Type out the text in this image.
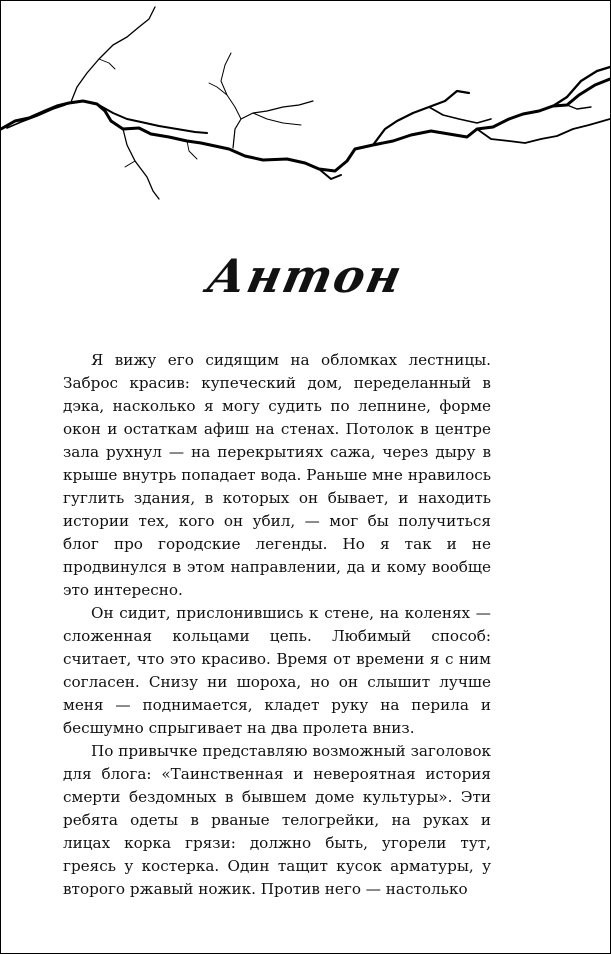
Антон

Я вижу его сидящим на обломках лестницы. Заброс красив: купеческий дом, переделанный в дэка, насколько я могу судить по лепнине, форме окон и остаткам афиш на стенах. Потолок в центре зала рухнул — на перекрытиях сажа, через дыру в крыше внутрь попадает вода. Раньше мне нравилось гуглить здания, в которых он бывает, и находить истории тех, кого он убил, — мог бы получиться блог про городские легенды. Но я так и не продвинулся в этом направлении, да и кому вообще это интересно.

Он сидит, прислонившись к стене, на коленях — сложенная кольцами цепь. Любимый способ: считает, что это красиво. Время от времени я с ним согласен. Снизу ни шороха, но он слышит лучше меня — поднимается, кладет руку на перила и бесшумно спрыгивает на два пролета вниз.

По привычке представляю возможный заголовок для блога: «Таинственная и невероятная история смерти бездомных в бывшем доме культуры». Эти ребята одеты в рваные телогрейки, на руках и лицах корка грязи: должно быть, угорели тут, греясь у костерка. Один тащит кусок арматуры, у второго ржавый ножик. Против него — настолько
